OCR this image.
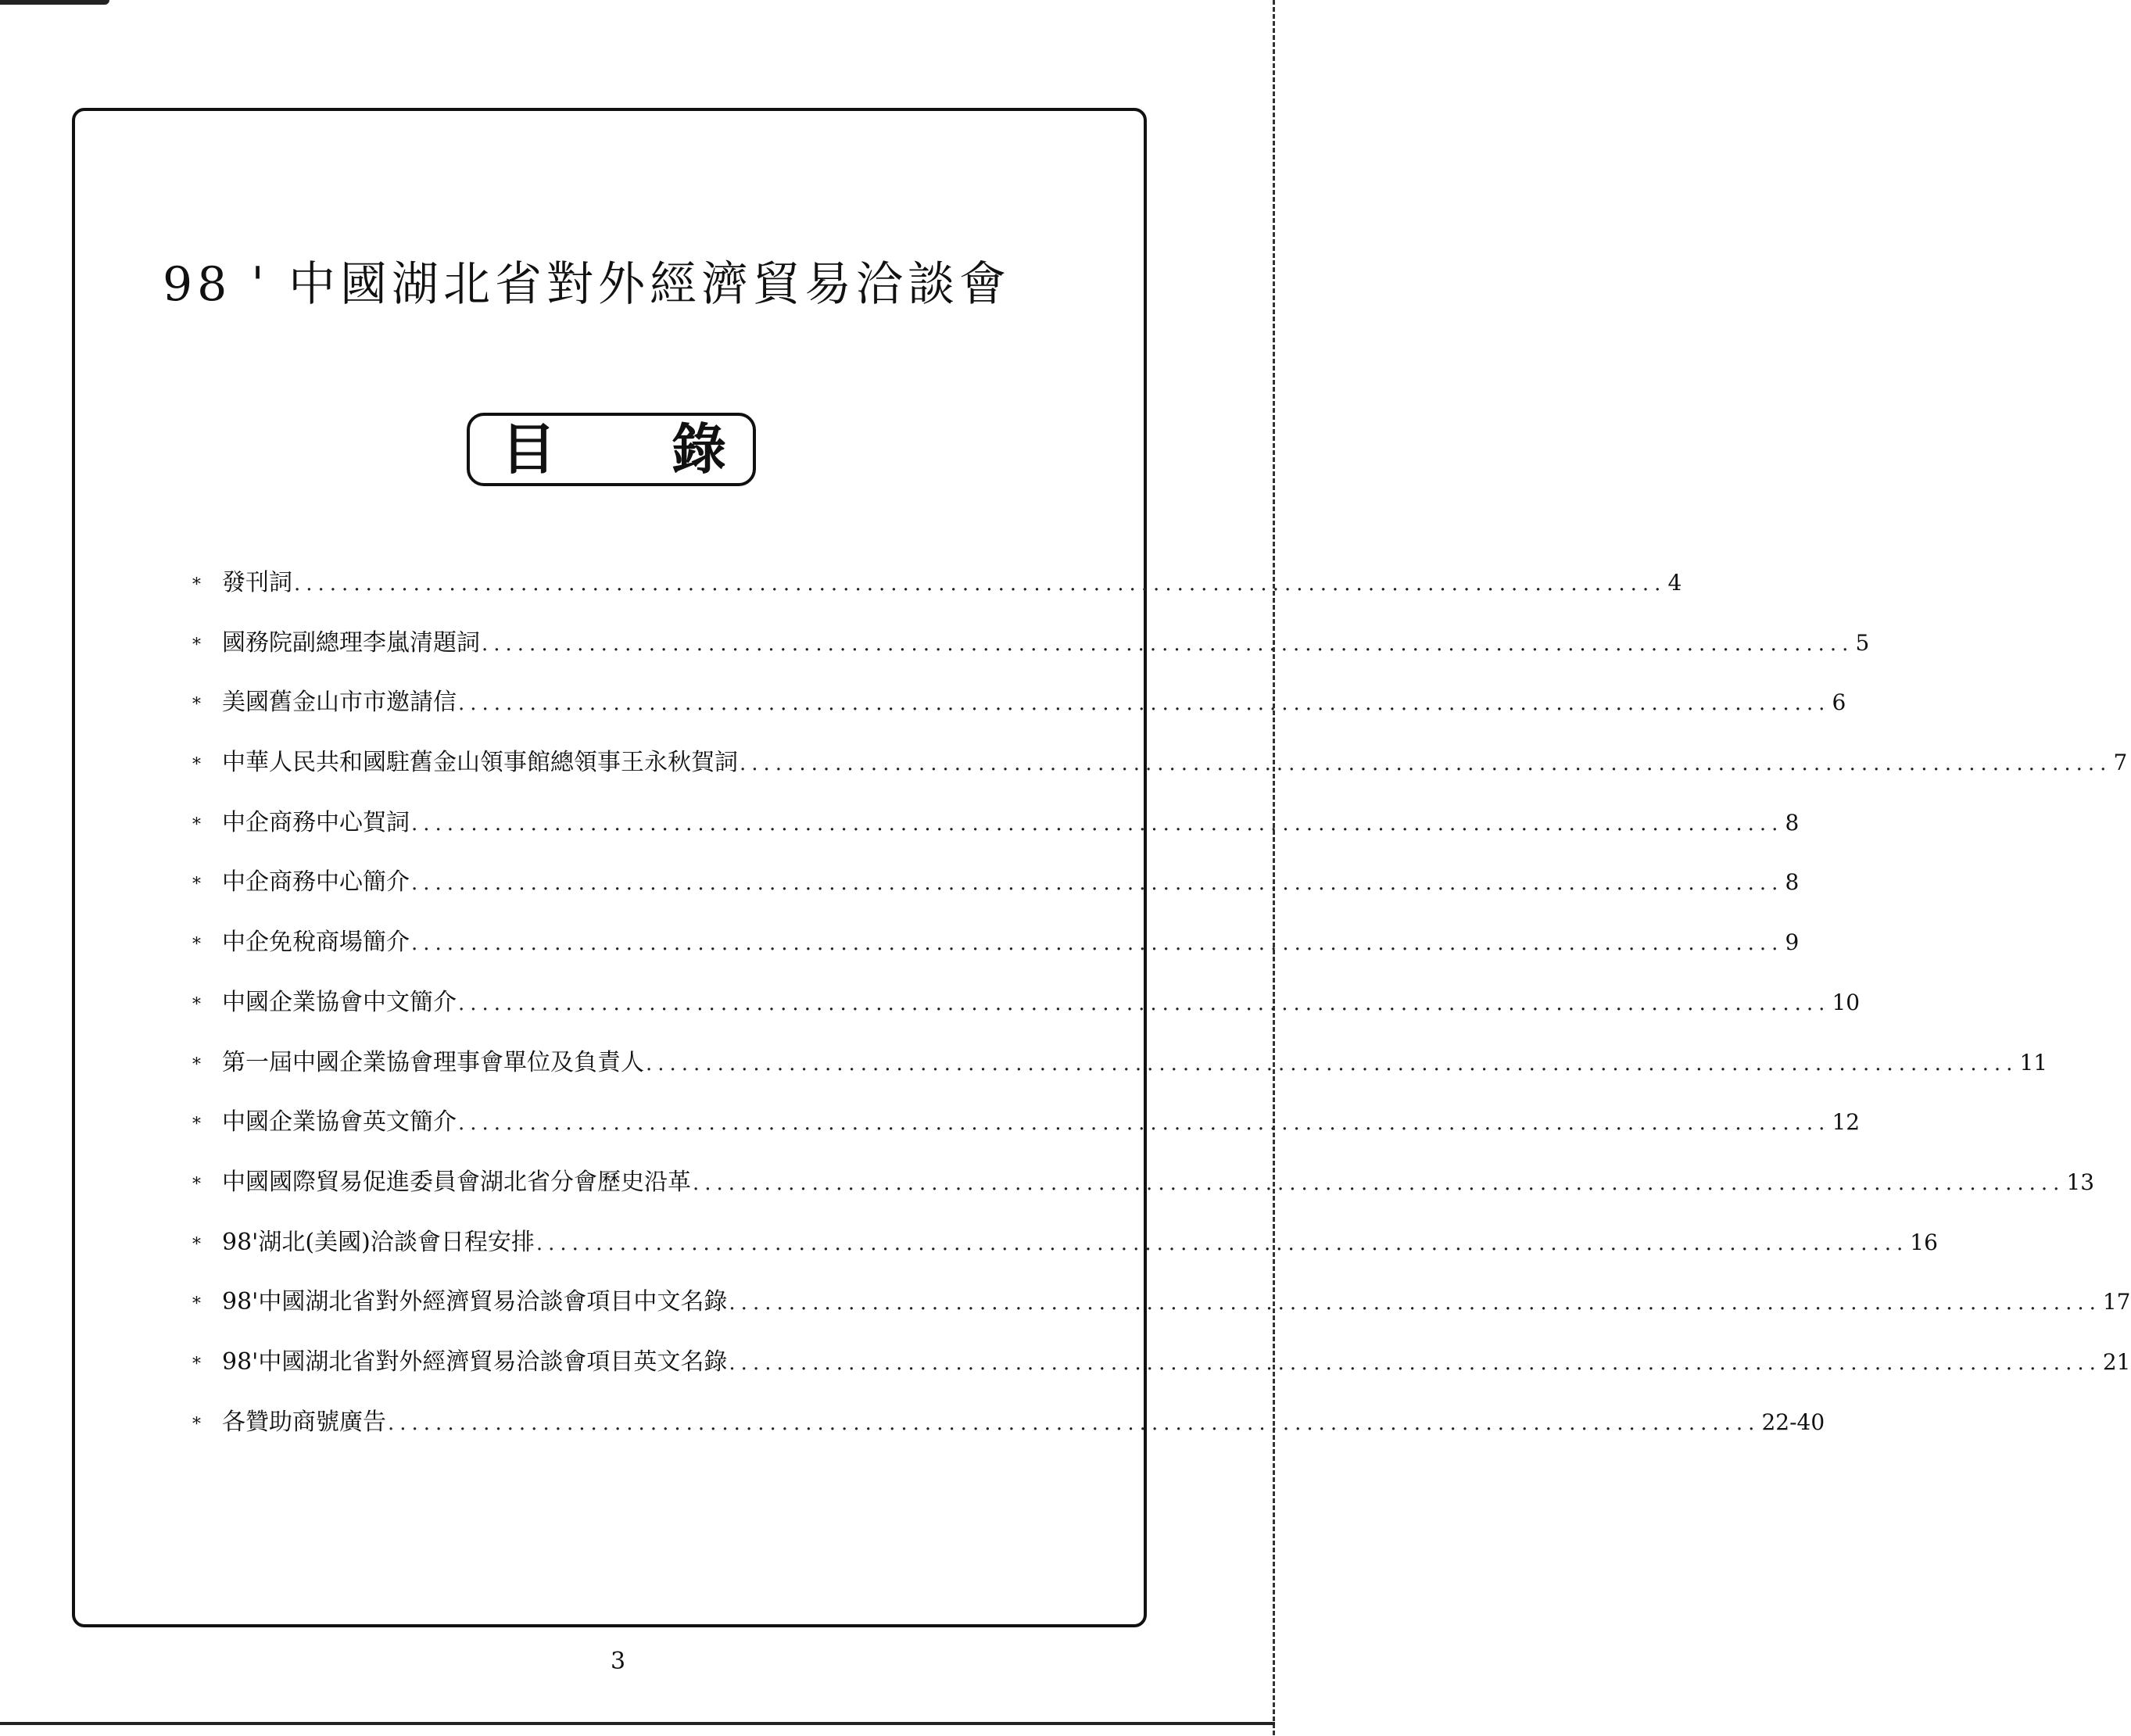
98 ' 中國湖北省對外經濟貿易洽談會
目 錄
* 發刊詞 ................................................................................................................... 4
* 國務院副總理李嵐清題詞 ................................................................................................................... 5
* 美國舊金山市市邀請信 ................................................................................................................... 6
* 中華人民共和國駐舊金山領事館總領事王永秋賀詞 ................................................................................................................... 7
* 中企商務中心賀詞 ................................................................................................................... 8
* 中企商務中心簡介 ................................................................................................................... 8
* 中企免稅商場簡介 ................................................................................................................... 9
* 中國企業協會中文簡介 ................................................................................................................... 10
* 第一屆中國企業協會理事會單位及負責人 ................................................................................................................... 11
* 中國企業協會英文簡介 ................................................................................................................... 12
* 中國國際貿易促進委員會湖北省分會歷史沿革 ................................................................................................................... 13
* 98'湖北(美國)洽談會日程安排 ................................................................................................................... 16
* 98'中國湖北省對外經濟貿易洽談會項目中文名錄 ................................................................................................................... 17
* 98'中國湖北省對外經濟貿易洽談會項目英文名錄 ................................................................................................................... 21
* 各贊助商號廣告 ................................................................................................................... 22-40
3
